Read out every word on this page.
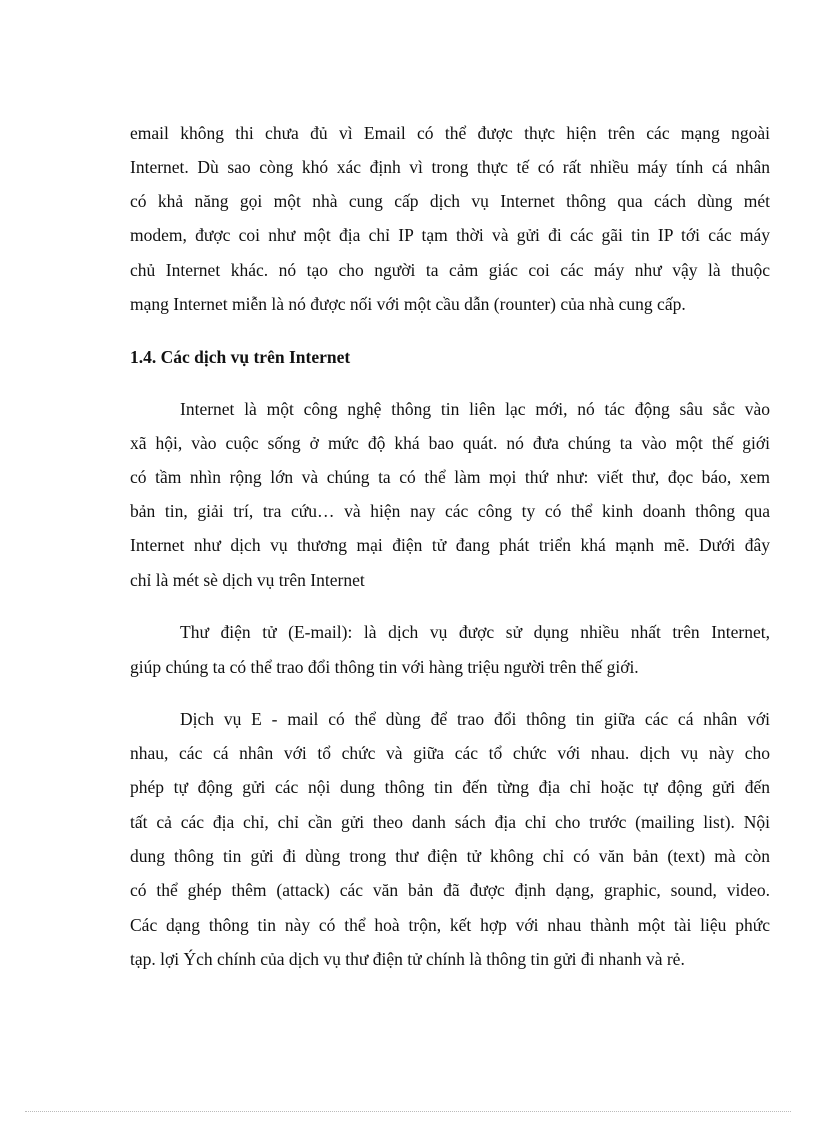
email không thi chưa đủ vì Email có thể được thực hiện trên các mạng ngoài
Internet. Dù sao còng khó xác định vì trong thực tế có rất nhiều máy tính cá nhân
có khả năng gọi một nhà cung cấp dịch vụ Internet thông qua cách dùng mét
modem, được coi như một địa chỉ IP tạm thời và gửi đi các gãi tin IP tới các máy
chủ Internet khác. nó tạo cho người ta cảm giác coi các máy như vậy là thuộc
mạng Internet miễn là nó được nối với một cầu dẫn (rounter) của nhà cung cấp.
1.4. Các dịch vụ trên Internet
Internet là một công nghệ thông tin liên lạc mới, nó tác động sâu sắc vào
xã hội, vào cuộc sống ở mức độ khá bao quát. nó đưa chúng ta vào một thế giới
có tầm nhìn rộng lớn và chúng ta có thể làm mọi thứ như: viết thư, đọc báo, xem
bản tin, giải trí, tra cứu… và hiện nay các công ty có thể kinh doanh thông qua
Internet như dịch vụ thương mại điện tử đang phát triển khá mạnh mẽ. Dưới đây
chỉ là mét sè dịch vụ trên Internet
Thư điện tử (E-mail): là dịch vụ được sử dụng nhiều nhất trên Internet,
giúp chúng ta có thể trao đổi thông tin với hàng triệu người trên thế giới.
Dịch vụ E - mail có thể dùng để trao đổi thông tin giữa các cá nhân với
nhau, các cá nhân với tổ chức và giữa các tổ chức với nhau. dịch vụ này cho
phép tự động gửi các nội dung thông tin đến từng địa chỉ hoặc tự động gửi đến
tất cả các địa chỉ, chỉ cần gửi theo danh sách địa chỉ cho trước (mailing list). Nội
dung thông tin gửi đi dùng trong thư điện tử không chỉ có văn bản (text) mà còn
có thể ghép thêm (attack) các văn bản đã được định dạng, graphic, sound, video.
Các dạng thông tin này có thể hoà trộn, kết hợp với nhau thành một tài liệu phức
tạp. lợi Ých chính của dịch vụ thư điện tử chính là thông tin gửi đi nhanh và rẻ.
